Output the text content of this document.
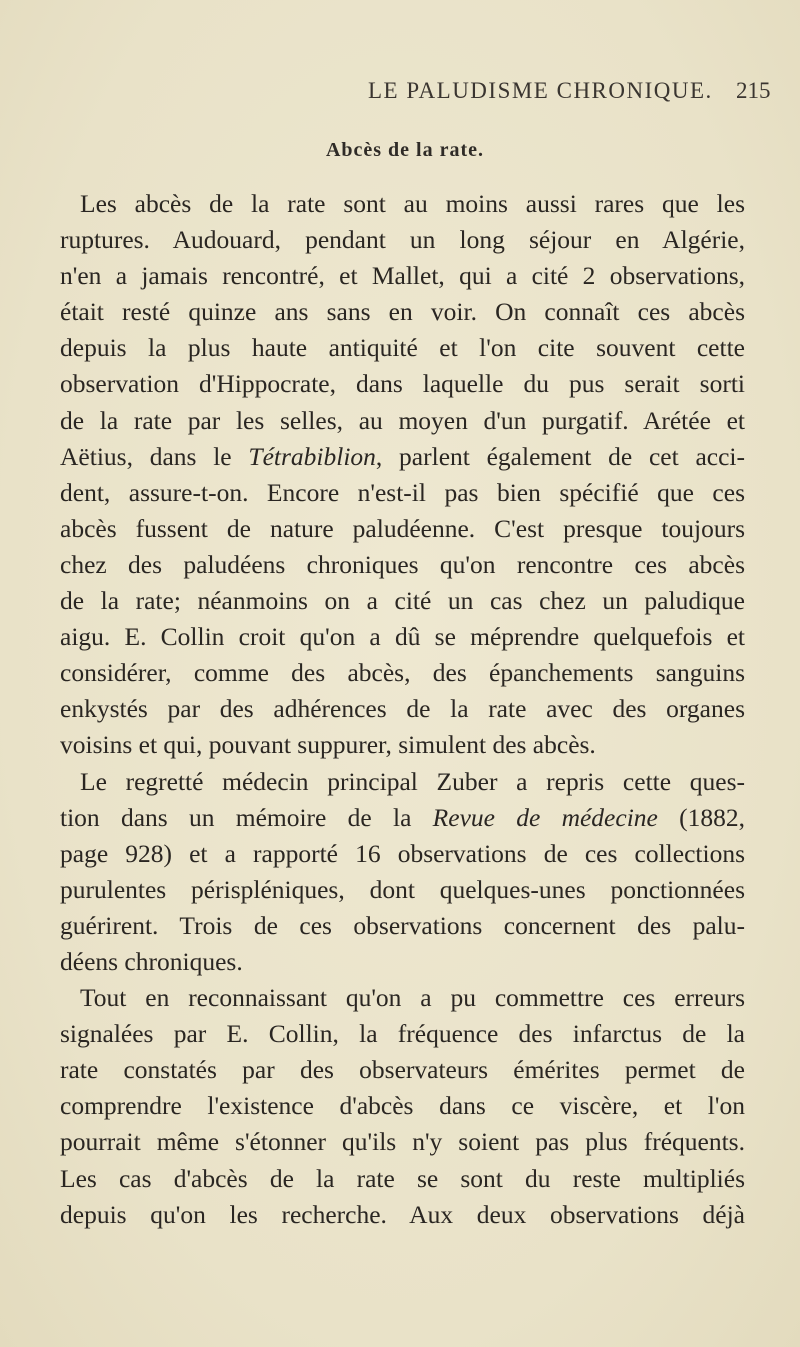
LE PALUDISME CHRONIQUE. 215
Abcès de la rate.
Les abcès de la rate sont au moins aussi rares que les
ruptures. Audouard, pendant un long séjour en Algérie,
n'en a jamais rencontré, et Mallet, qui a cité 2 observations,
était resté quinze ans sans en voir. On connaît ces abcès
depuis la plus haute antiquité et l'on cite souvent cette
observation d'Hippocrate, dans laquelle du pus serait sorti
de la rate par les selles, au moyen d'un purgatif. Arétée et
Aëtius, dans le Tétrabiblion, parlent également de cet acci-
dent, assure-t-on. Encore n'est-il pas bien spécifié que ces
abcès fussent de nature paludéenne. C'est presque toujours
chez des paludéens chroniques qu'on rencontre ces abcès
de la rate; néanmoins on a cité un cas chez un paludique
aigu. E. Collin croit qu'on a dû se méprendre quelquefois et
considérer, comme des abcès, des épanchements sanguins
enkystés par des adhérences de la rate avec des organes
voisins et qui, pouvant suppurer, simulent des abcès.
Le regretté médecin principal Zuber a repris cette ques-
tion dans un mémoire de la Revue de médecine (1882,
page 928) et a rapporté 16 observations de ces collections
purulentes périspléniques, dont quelques-unes ponctionnées
guérirent. Trois de ces observations concernent des palu-
déens chroniques.
Tout en reconnaissant qu'on a pu commettre ces erreurs
signalées par E. Collin, la fréquence des infarctus de la
rate constatés par des observateurs émérites permet de
comprendre l'existence d'abcès dans ce viscère, et l'on
pourrait même s'étonner qu'ils n'y soient pas plus fréquents.
Les cas d'abcès de la rate se sont du reste multipliés
depuis qu'on les recherche. Aux deux observations déjà
